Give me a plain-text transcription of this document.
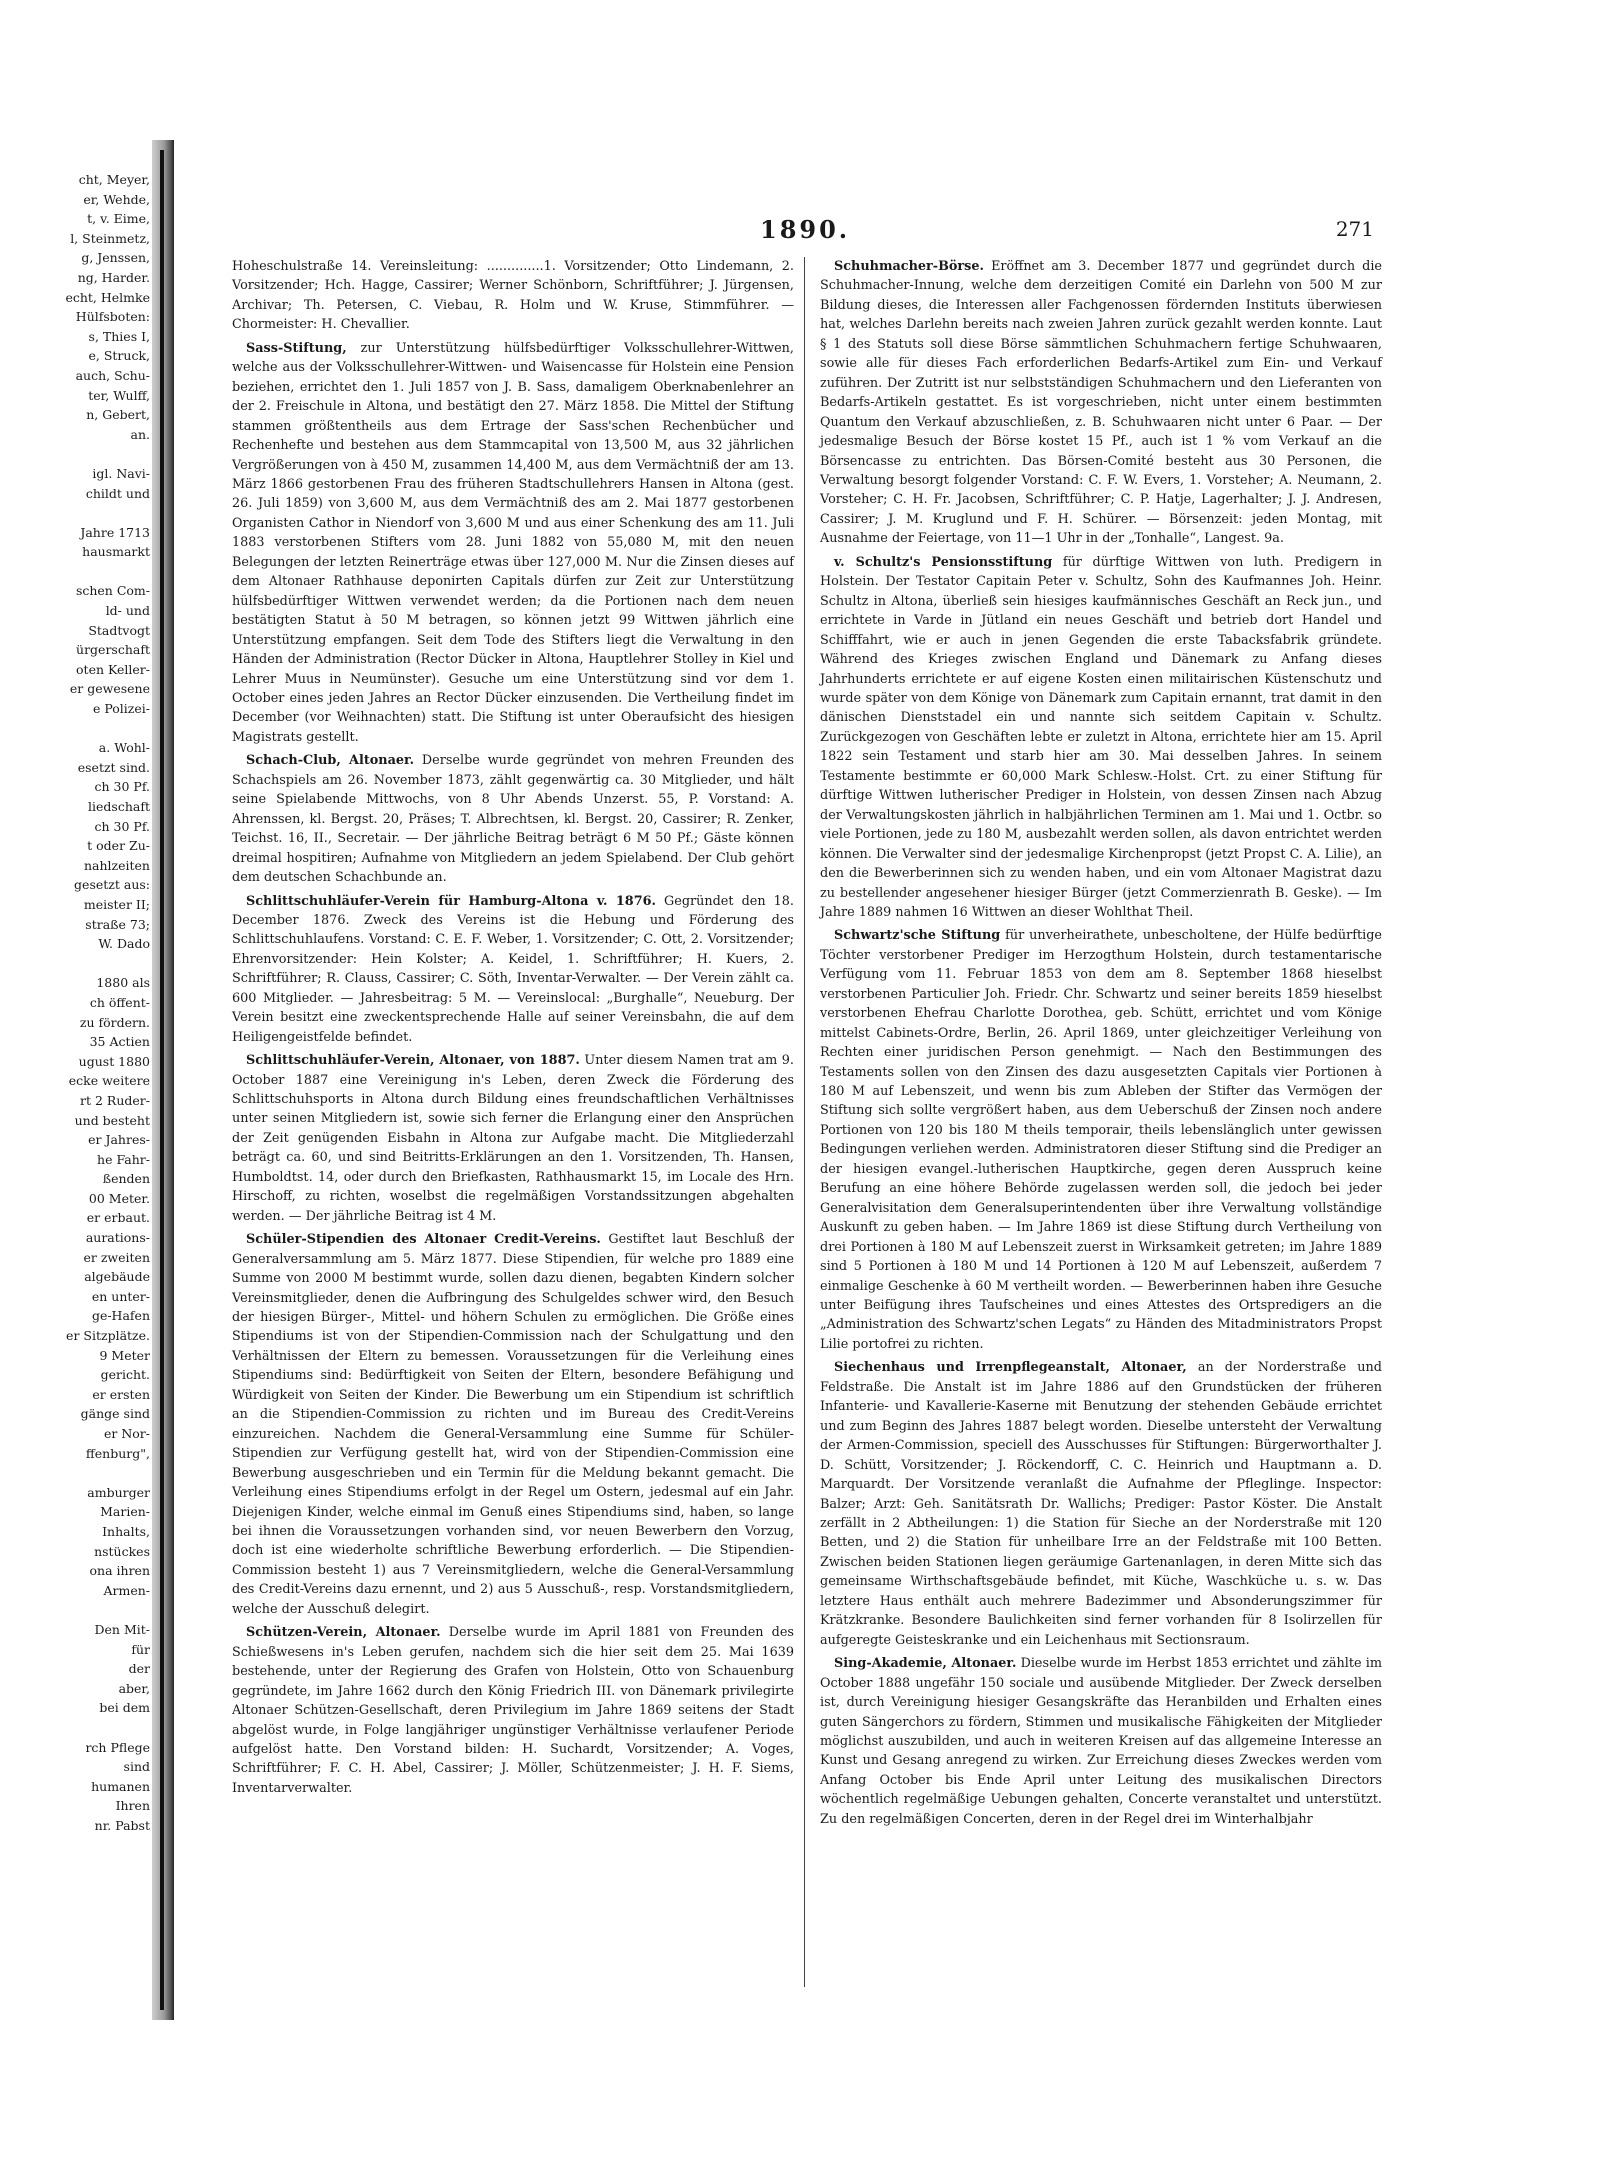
cht, Meyer,
er, Wehde,
t, v. Eime,
l, Steinmetz,
g, Jenssen,
ng, Harder.
echt, Helmke
Hülfsboten:
s, Thies I,
e, Struck,
auch, Schu-
ter, Wulff,
n, Gebert,
an.

igl. Navi-
childt und

Jahre 1713
hausmarkt

schen Com-
ld- und
Stadtvogt
ürgerschaft
oten Keller-
er gewesene
e Polizei-

a. Wohl-
esetzt sind.
ch 30 Pf.
liedschaft
ch 30 Pf.
t oder Zu-
nahlzeiten
gesetzt aus:
meister II;
straße 73;
W. Dado

1880 als
ch öffent-
zu fördern.
35 Actien
ugust 1880
ecke weitere
rt 2 Ruder-
und besteht
er Jahres-
he Fahr-
ßenden
00 Meter.
er erbaut.
aurations-
er zweiten
algebäude
en unter-
ge-Hafen
er Sitzplätze.
9 Meter
gericht.
er ersten
gänge sind
er Nor-
ffenburg",

amburger
Marien-
Inhalts,
nstückes
ona ihren
Armen-

Den Mit-
für
der
aber,
bei dem

rch Pflege
sind
humanen
Ihren
nr. Pabst
1890.	271

Hoheschulstraße 14. Vereinsleitung: ..............1. Vorsitzender; Otto Lindemann, 2. Vorsitzender; Hch. Hagge, Cassirer; Werner Schönborn, Schriftführer; J. Jürgensen, Archivar; Th. Petersen, C. Viebau, R. Holm und W. Kruse, Stimmführer. — Chormeister: H. Chevallier.

Sass-Stiftung, zur Unterstützung hülfsbedürftiger Volksschullehrer-Wittwen, welche aus der Volksschullehrer-Wittwen- und Waisencasse für Holstein eine Pension beziehen, errichtet den 1. Juli 1857 von J. B. Sass, damaligem Oberknabenlehrer an der 2. Freischule in Altona, und bestätigt den 27. März 1858. Die Mittel der Stiftung stammen größtentheils aus dem Ertrage der Sass'schen Rechenbücher und Rechenhefte und bestehen aus dem Stammcapital von 13,500 M, aus 32 jährlichen Vergrößerungen von à 450 M, zusammen 14,400 M, aus dem Vermächtniß der am 13. März 1866 gestorbenen Frau des früheren Stadtschullehrers Hansen in Altona (gest. 26. Juli 1859) von 3,600 M, aus dem Vermächtniß des am 2. Mai 1877 gestorbenen Organisten Cathor in Niendorf von 3,600 M und aus einer Schenkung des am 11. Juli 1883 verstorbenen Stifters vom 28. Juni 1882 von 55,080 M, mit den neuen Belegungen der letzten Reinerträge etwas über 127,000 M. Nur die Zinsen dieses auf dem Altonaer Rathhause deponirten Capitals dürfen zur Zeit zur Unterstützung hülfsbedürftiger Wittwen verwendet werden; da die Portionen nach dem neuen bestätigten Statut à 50 M betragen, so können jetzt 99 Wittwen jährlich eine Unterstützung empfangen. Seit dem Tode des Stifters liegt die Verwaltung in den Händen der Administration (Rector Dücker in Altona, Hauptlehrer Stolley in Kiel und Lehrer Muus in Neumünster). Gesuche um eine Unterstützung sind vor dem 1. October eines jeden Jahres an Rector Dücker einzusenden. Die Vertheilung findet im December (vor Weihnachten) statt. Die Stiftung ist unter Oberaufsicht des hiesigen Magistrats gestellt.

Schach-Club, Altonaer. Derselbe wurde gegründet von mehren Freunden des Schachspiels am 26. November 1873, zählt gegenwärtig ca. 30 Mitglieder, und hält seine Spielabende Mittwochs, von 8 Uhr Abends Unzerst. 55, P. Vorstand: A. Ahrenssen, kl. Bergst. 20, Präses; T. Albrechtsen, kl. Bergst. 20, Cassirer; R. Zenker, Teichst. 16, II., Secretair. — Der jährliche Beitrag beträgt 6 M 50 Pf.; Gäste können dreimal hospitiren; Aufnahme von Mitgliedern an jedem Spielabend. Der Club gehört dem deutschen Schachbunde an.

Schlittschuhläufer-Verein für Hamburg-Altona v. 1876. Gegründet den 18. December 1876. Zweck des Vereins ist die Hebung und Förderung des Schlittschuhlaufens. Vorstand: C. E. F. Weber, 1. Vorsitzender; C. Ott, 2. Vorsitzender; Ehrenvorsitzender: Hein Kolster; A. Keidel, 1. Schriftführer; H. Kuers, 2. Schriftführer; R. Clauss, Cassirer; C. Söth, Inventar-Verwalter. — Der Verein zählt ca. 600 Mitglieder. — Jahresbeitrag: 5 M. — Vereinslocal: „Burghalle“, Neueburg. Der Verein besitzt eine zweckentsprechende Halle auf seiner Vereinsbahn, die auf dem Heiligengeistfelde befindet.

Schlittschuhläufer-Verein, Altonaer, von 1887. Unter diesem Namen trat am 9. October 1887 eine Vereinigung in's Leben, deren Zweck die Förderung des Schlittschuhsports in Altona durch Bildung eines freundschaftlichen Verhältnisses unter seinen Mitgliedern ist, sowie sich ferner die Erlangung einer den Ansprüchen der Zeit genügenden Eisbahn in Altona zur Aufgabe macht. Die Mitgliederzahl beträgt ca. 60, und sind Beitritts-Erklärungen an den 1. Vorsitzenden, Th. Hansen, Humboldtst. 14, oder durch den Briefkasten, Rathhausmarkt 15, im Locale des Hrn. Hirschoff, zu richten, woselbst die regelmäßigen Vorstandssitzungen abgehalten werden. — Der jährliche Beitrag ist 4 M.

Schüler-Stipendien des Altonaer Credit-Vereins. Gestiftet laut Beschluß der Generalversammlung am 5. März 1877. Diese Stipendien, für welche pro 1889 eine Summe von 2000 M bestimmt wurde, sollen dazu dienen, begabten Kindern solcher Vereinsmitglieder, denen die Aufbringung des Schulgeldes schwer wird, den Besuch der hiesigen Bürger-, Mittel- und höhern Schulen zu ermöglichen. Die Größe eines Stipendiums ist von der Stipendien-Commission nach der Schulgattung und den Verhältnissen der Eltern zu bemessen. Voraussetzungen für die Verleihung eines Stipendiums sind: Bedürftigkeit von Seiten der Eltern, besondere Befähigung und Würdigkeit von Seiten der Kinder. Die Bewerbung um ein Stipendium ist schriftlich an die Stipendien-Commission zu richten und im Bureau des Credit-Vereins einzureichen. Nachdem die General-Versammlung eine Summe für Schüler-Stipendien zur Verfügung gestellt hat, wird von der Stipendien-Commission eine Bewerbung ausgeschrieben und ein Termin für die Meldung bekannt gemacht. Die Verleihung eines Stipendiums erfolgt in der Regel um Ostern, jedesmal auf ein Jahr. Diejenigen Kinder, welche einmal im Genuß eines Stipendiums sind, haben, so lange bei ihnen die Voraussetzungen vorhanden sind, vor neuen Bewerbern den Vorzug, doch ist eine wiederholte schriftliche Bewerbung erforderlich. — Die Stipendien-Commission besteht 1) aus 7 Vereinsmitgliedern, welche die General-Versammlung des Credit-Vereins dazu ernennt, und 2) aus 5 Ausschuß-, resp. Vorstandsmitgliedern, welche der Ausschuß delegirt.

Schützen-Verein, Altonaer. Derselbe wurde im April 1881 von Freunden des Schießwesens in's Leben gerufen, nachdem sich die hier seit dem 25. Mai 1639 bestehende, unter der Regierung des Grafen von Holstein, Otto von Schauenburg gegründete, im Jahre 1662 durch den König Friedrich III. von Dänemark privilegirte Altonaer Schützen-Gesellschaft, deren Privilegium im Jahre 1869 seitens der Stadt abgelöst wurde, in Folge langjähriger ungünstiger Verhältnisse verlaufener Periode aufgelöst hatte. Den Vorstand bilden: H. Suchardt, Vorsitzender; A. Voges, Schriftführer; F. C. H. Abel, Cassirer; J. Möller, Schützenmeister; J. H. F. Siems, Inventarverwalter.

Schuhmacher-Börse. Eröffnet am 3. December 1877 und gegründet durch die Schuhmacher-Innung, welche dem derzeitigen Comité ein Darlehn von 500 M zur Bildung dieses, die Interessen aller Fachgenossen fördernden Instituts überwiesen hat, welches Darlehn bereits nach zweien Jahren zurück gezahlt werden konnte. Laut § 1 des Statuts soll diese Börse sämmtlichen Schuhmachern fertige Schuhwaaren, sowie alle für dieses Fach erforderlichen Bedarfs-Artikel zum Ein- und Verkauf zuführen. Der Zutritt ist nur selbstständigen Schuhmachern und den Lieferanten von Bedarfs-Artikeln gestattet. Es ist vorgeschrieben, nicht unter einem bestimmten Quantum den Verkauf abzuschließen, z. B. Schuhwaaren nicht unter 6 Paar. — Der jedesmalige Besuch der Börse kostet 15 Pf., auch ist 1 % vom Verkauf an die Börsencasse zu entrichten. Das Börsen-Comité besteht aus 30 Personen, die Verwaltung besorgt folgender Vorstand: C. F. W. Evers, 1. Vorsteher; A. Neumann, 2. Vorsteher; C. H. Fr. Jacobsen, Schriftführer; C. P. Hatje, Lagerhalter; J. J. Andresen, Cassirer; J. M. Kruglund und F. H. Schürer. — Börsenzeit: jeden Montag, mit Ausnahme der Feiertage, von 11—1 Uhr in der „Tonhalle“, Langest. 9a.

v. Schultz's Pensionsstiftung für dürftige Wittwen von luth. Predigern in Holstein. Der Testator Capitain Peter v. Schultz, Sohn des Kaufmannes Joh. Heinr. Schultz in Altona, überließ sein hiesiges kaufmännisches Geschäft an Reck jun., und errichtete in Varde in Jütland ein neues Geschäft und betrieb dort Handel und Schifffahrt, wie er auch in jenen Gegenden die erste Tabacksfabrik gründete. Während des Krieges zwischen England und Dänemark zu Anfang dieses Jahrhunderts errichtete er auf eigene Kosten einen militairischen Küstenschutz und wurde später von dem Könige von Dänemark zum Capitain ernannt, trat damit in den dänischen Dienststadel ein und nannte sich seitdem Capitain v. Schultz. Zurückgezogen von Geschäften lebte er zuletzt in Altona, errichtete hier am 15. April 1822 sein Testament und starb hier am 30. Mai desselben Jahres. In seinem Testamente bestimmte er 60,000 Mark Schlesw.-Holst. Crt. zu einer Stiftung für dürftige Wittwen lutherischer Prediger in Holstein, von dessen Zinsen nach Abzug der Verwaltungskosten jährlich in halbjährlichen Terminen am 1. Mai und 1. Octbr. so viele Portionen, jede zu 180 M, ausbezahlt werden sollen, als davon entrichtet werden können. Die Verwalter sind der jedesmalige Kirchenpropst (jetzt Propst C. A. Lilie), an den die Bewerberinnen sich zu wenden haben, und ein vom Altonaer Magistrat dazu zu bestellender angesehener hiesiger Bürger (jetzt Commerzienrath B. Geske). — Im Jahre 1889 nahmen 16 Wittwen an dieser Wohlthat Theil.

Schwartz'sche Stiftung für unverheirathete, unbescholtene, der Hülfe bedürftige Töchter verstorbener Prediger im Herzogthum Holstein, durch testamentarische Verfügung vom 11. Februar 1853 von dem am 8. September 1868 hieselbst verstorbenen Particulier Joh. Friedr. Chr. Schwartz und seiner bereits 1859 hieselbst verstorbenen Ehefrau Charlotte Dorothea, geb. Schütt, errichtet und vom Könige mittelst Cabinets-Ordre, Berlin, 26. April 1869, unter gleichzeitiger Verleihung von Rechten einer juridischen Person genehmigt. — Nach den Bestimmungen des Testaments sollen von den Zinsen des dazu ausgesetzten Capitals vier Portionen à 180 M auf Lebenszeit, und wenn bis zum Ableben der Stifter das Vermögen der Stiftung sich sollte vergrößert haben, aus dem Ueberschuß der Zinsen noch andere Portionen von 120 bis 180 M theils temporair, theils lebenslänglich unter gewissen Bedingungen verliehen werden. Administratoren dieser Stiftung sind die Prediger an der hiesigen evangel.-lutherischen Hauptkirche, gegen deren Ausspruch keine Berufung an eine höhere Behörde zugelassen werden soll, die jedoch bei jeder Generalvisitation dem Generalsuperintendenten über ihre Verwaltung vollständige Auskunft zu geben haben. — Im Jahre 1869 ist diese Stiftung durch Vertheilung von drei Portionen à 180 M auf Lebenszeit zuerst in Wirksamkeit getreten; im Jahre 1889 sind 5 Portionen à 180 M und 14 Portionen à 120 M auf Lebenszeit, außerdem 7 einmalige Geschenke à 60 M vertheilt worden. — Bewerberinnen haben ihre Gesuche unter Beifügung ihres Taufscheines und eines Attestes des Ortspredigers an die „Administration des Schwartz'schen Legats“ zu Händen des Mitadministrators Propst Lilie portofrei zu richten.

Siechenhaus und Irrenpflegeanstalt, Altonaer, an der Norderstraße und Feldstraße. Die Anstalt ist im Jahre 1886 auf den Grundstücken der früheren Infanterie- und Kavallerie-Kaserne mit Benutzung der stehenden Gebäude errichtet und zum Beginn des Jahres 1887 belegt worden. Dieselbe untersteht der Verwaltung der Armen-Commission, speciell des Ausschusses für Stiftungen: Bürgerworthalter J. D. Schütt, Vorsitzender; J. Röckendorff, C. C. Heinrich und Hauptmann a. D. Marquardt. Der Vorsitzende veranlaßt die Aufnahme der Pfleglinge. Inspector: Balzer; Arzt: Geh. Sanitätsrath Dr. Wallichs; Prediger: Pastor Köster. Die Anstalt zerfällt in 2 Abtheilungen: 1) die Station für Sieche an der Norderstraße mit 120 Betten, und 2) die Station für unheilbare Irre an der Feldstraße mit 100 Betten. Zwischen beiden Stationen liegen geräumige Gartenanlagen, in deren Mitte sich das gemeinsame Wirthschaftsgebäude befindet, mit Küche, Waschküche u. s. w. Das letztere Haus enthält auch mehrere Badezimmer und Absonderungszimmer für Krätzkranke. Besondere Baulichkeiten sind ferner vorhanden für 8 Isolirzellen für aufgeregte Geisteskranke und ein Leichenhaus mit Sectionsraum.

Sing-Akademie, Altonaer. Dieselbe wurde im Herbst 1853 errichtet und zählte im October 1888 ungefähr 150 sociale und ausübende Mitglieder. Der Zweck derselben ist, durch Vereinigung hiesiger Gesangskräfte das Heranbilden und Erhalten eines guten Sängerchors zu fördern, Stimmen und musikalische Fähigkeiten der Mitglieder möglichst auszubilden, und auch in weiteren Kreisen auf das allgemeine Interesse an Kunst und Gesang anregend zu wirken. Zur Erreichung dieses Zweckes werden vom Anfang October bis Ende April unter Leitung des musikalischen Directors wöchentlich regelmäßige Uebungen gehalten, Concerte veranstaltet und unterstützt. Zu den regelmäßigen Concerten, deren in der Regel drei im Winterhalbjahr
